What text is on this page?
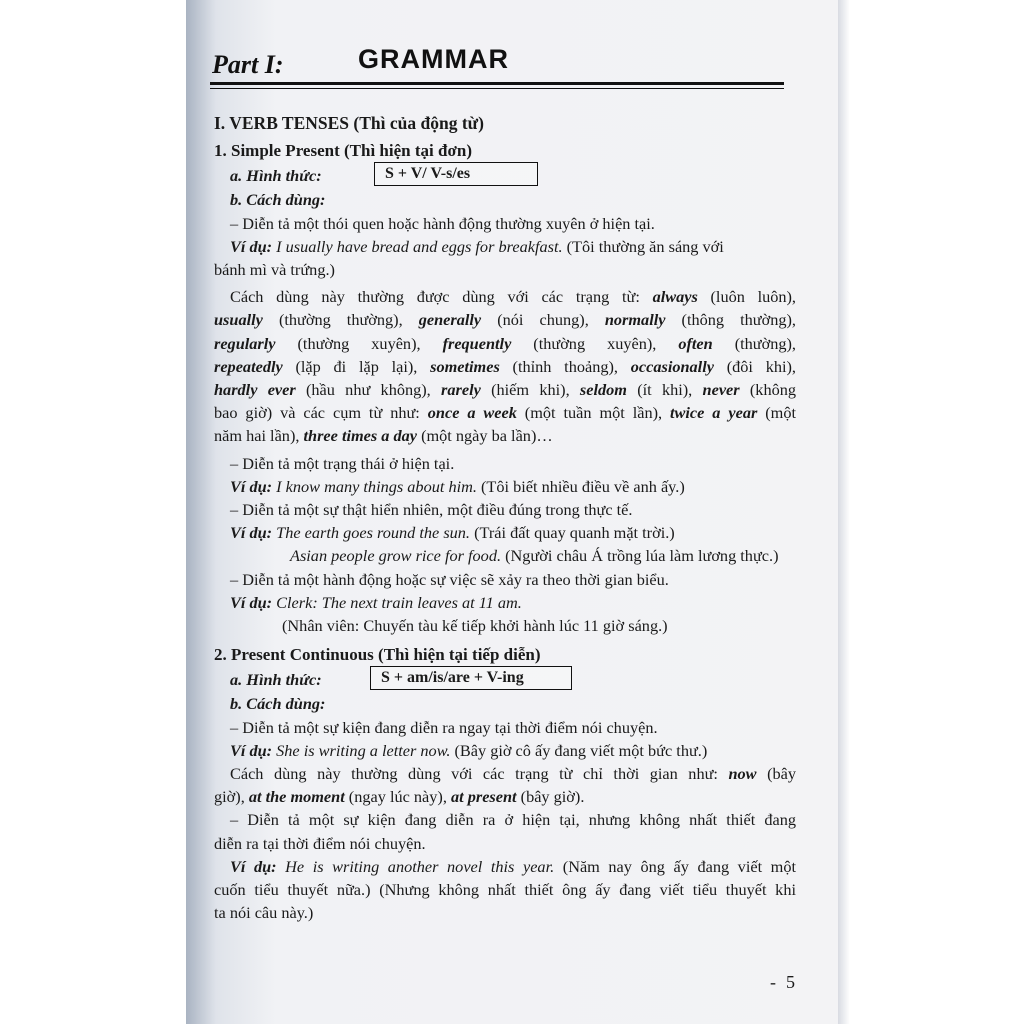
Part I:	GRAMMAR
I. VERB TENSES (Thì của động từ)
1. Simple Present (Thì hiện tại đơn)
a. Hình thức:	S + V/ V-s/es
b. Cách dùng:
– Diễn tả một thói quen hoặc hành động thường xuyên ở hiện tại.
Ví dụ: I usually have bread and eggs for breakfast. (Tôi thường ăn sáng với
bánh mì và trứng.)
Cách dùng này thường được dùng với các trạng từ: always (luôn luôn),
usually (thường thường), generally (nói chung), normally (thông thường),
regularly (thường xuyên), frequently (thường xuyên), often (thường),
repeatedly (lặp đi lặp lại), sometimes (thỉnh thoảng), occasionally (đôi khi),
hardly ever (hầu như không), rarely (hiếm khi), seldom (ít khi), never (không
bao giờ) và các cụm từ như: once a week (một tuần một lần), twice a year (một
năm hai lần), three times a day (một ngày ba lần)…
– Diễn tả một trạng thái ở hiện tại.
Ví dụ: I know many things about him. (Tôi biết nhiều điều về anh ấy.)
– Diễn tả một sự thật hiển nhiên, một điều đúng trong thực tế.
Ví dụ: The earth goes round the sun. (Trái đất quay quanh mặt trời.)
Asian people grow rice for food. (Người châu Á trồng lúa làm lương thực.)
– Diễn tả một hành động hoặc sự việc sẽ xảy ra theo thời gian biểu.
Ví dụ: Clerk: The next train leaves at 11 am.
(Nhân viên: Chuyến tàu kế tiếp khởi hành lúc 11 giờ sáng.)
2. Present Continuous (Thì hiện tại tiếp diễn)
a. Hình thức:	S + am/is/are + V-ing
b. Cách dùng:
– Diễn tả một sự kiện đang diễn ra ngay tại thời điểm nói chuyện.
Ví dụ: She is writing a letter now. (Bây giờ cô ấy đang viết một bức thư.)
Cách dùng này thường dùng với các trạng từ chỉ thời gian như: now (bây
giờ), at the moment (ngay lúc này), at present (bây giờ).
– Diễn tả một sự kiện đang diễn ra ở hiện tại, nhưng không nhất thiết đang
diễn ra tại thời điểm nói chuyện.
Ví dụ: He is writing another novel this year. (Năm nay ông ấy đang viết một
cuốn tiểu thuyết nữa.) (Nhưng không nhất thiết ông ấy đang viết tiểu thuyết khi
ta nói câu này.)
- 5
